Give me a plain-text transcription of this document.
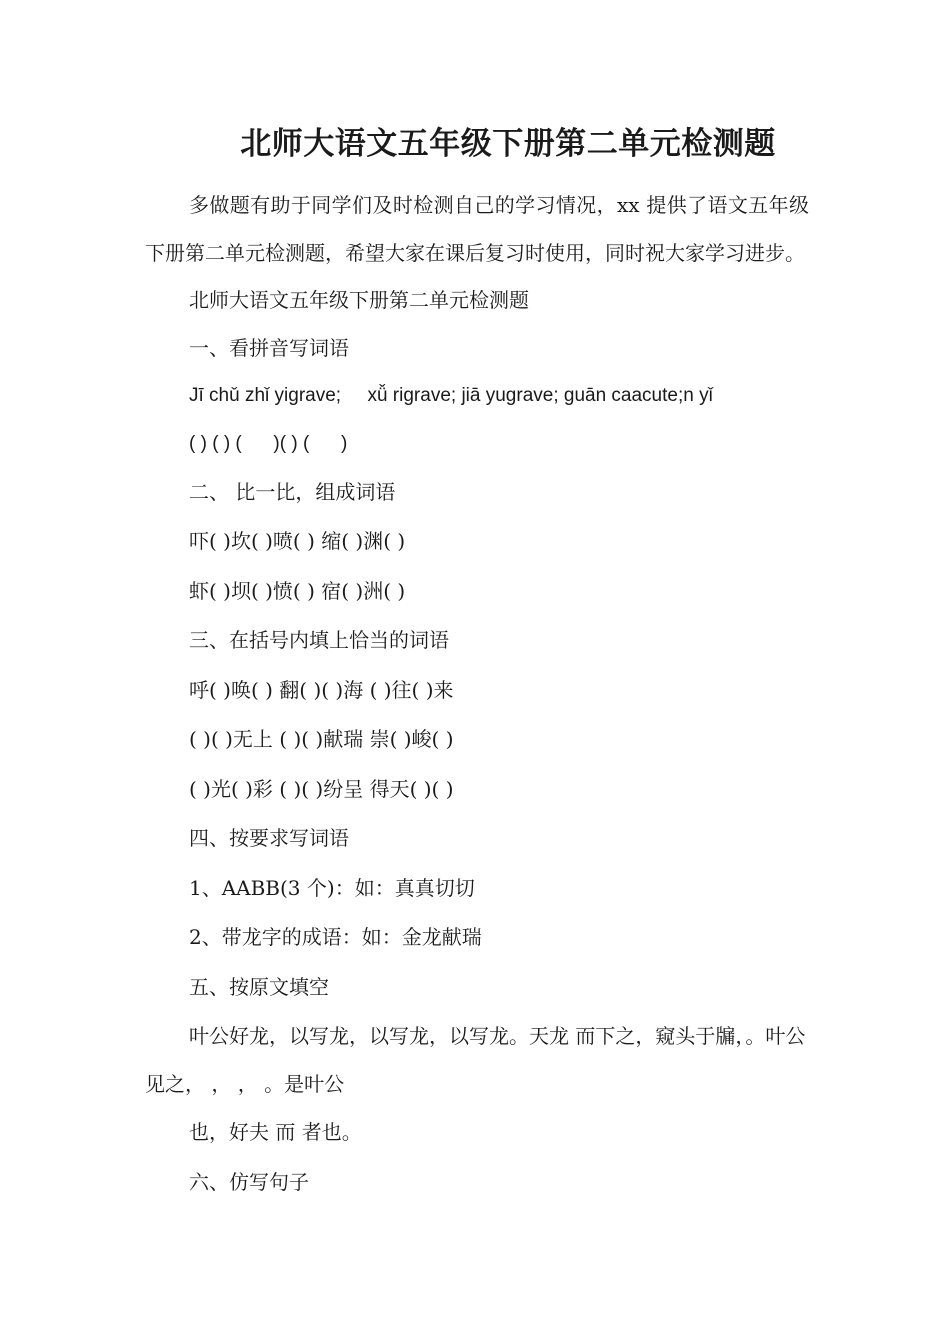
北师大语文五年级下册第二单元检测题

多做题有助于同学们及时检测自己的学习情况，xx 提供了语文五年级下册第二单元检测题，希望大家在课后复习时使用，同时祝大家学习进步。

北师大语文五年级下册第二单元检测题

一、看拼音写词语

Jī chǔ zhǐ yigrave;     xǚ rigrave; jiā yugrave; guān caacute;n yǐ

( ) ( ) (      )( ) (      )

二、 比一比，组成词语

吓( )坎( )喷( ) 缩( )渊( )

虾( )坝( )愤( ) 宿( )洲( )

三、在括号内填上恰当的词语

呼( )唤( ) 翻( )( )海 ( )往( )来

( )( )无上 ( )( )献瑞 崇( )峻( )

( )光( )彩 ( )( )纷呈 得天( )( )

四、按要求写词语

1、AABB(3 个)：如：真真切切

2、带龙字的成语：如：金龙献瑞

五、按原文填空

叶公好龙，以写龙，以写龙，以写龙。天龙 而下之，窥头于牖，。叶公见之， ， ， 。是叶公

也，好夫 而 者也。

六、仿写句子
